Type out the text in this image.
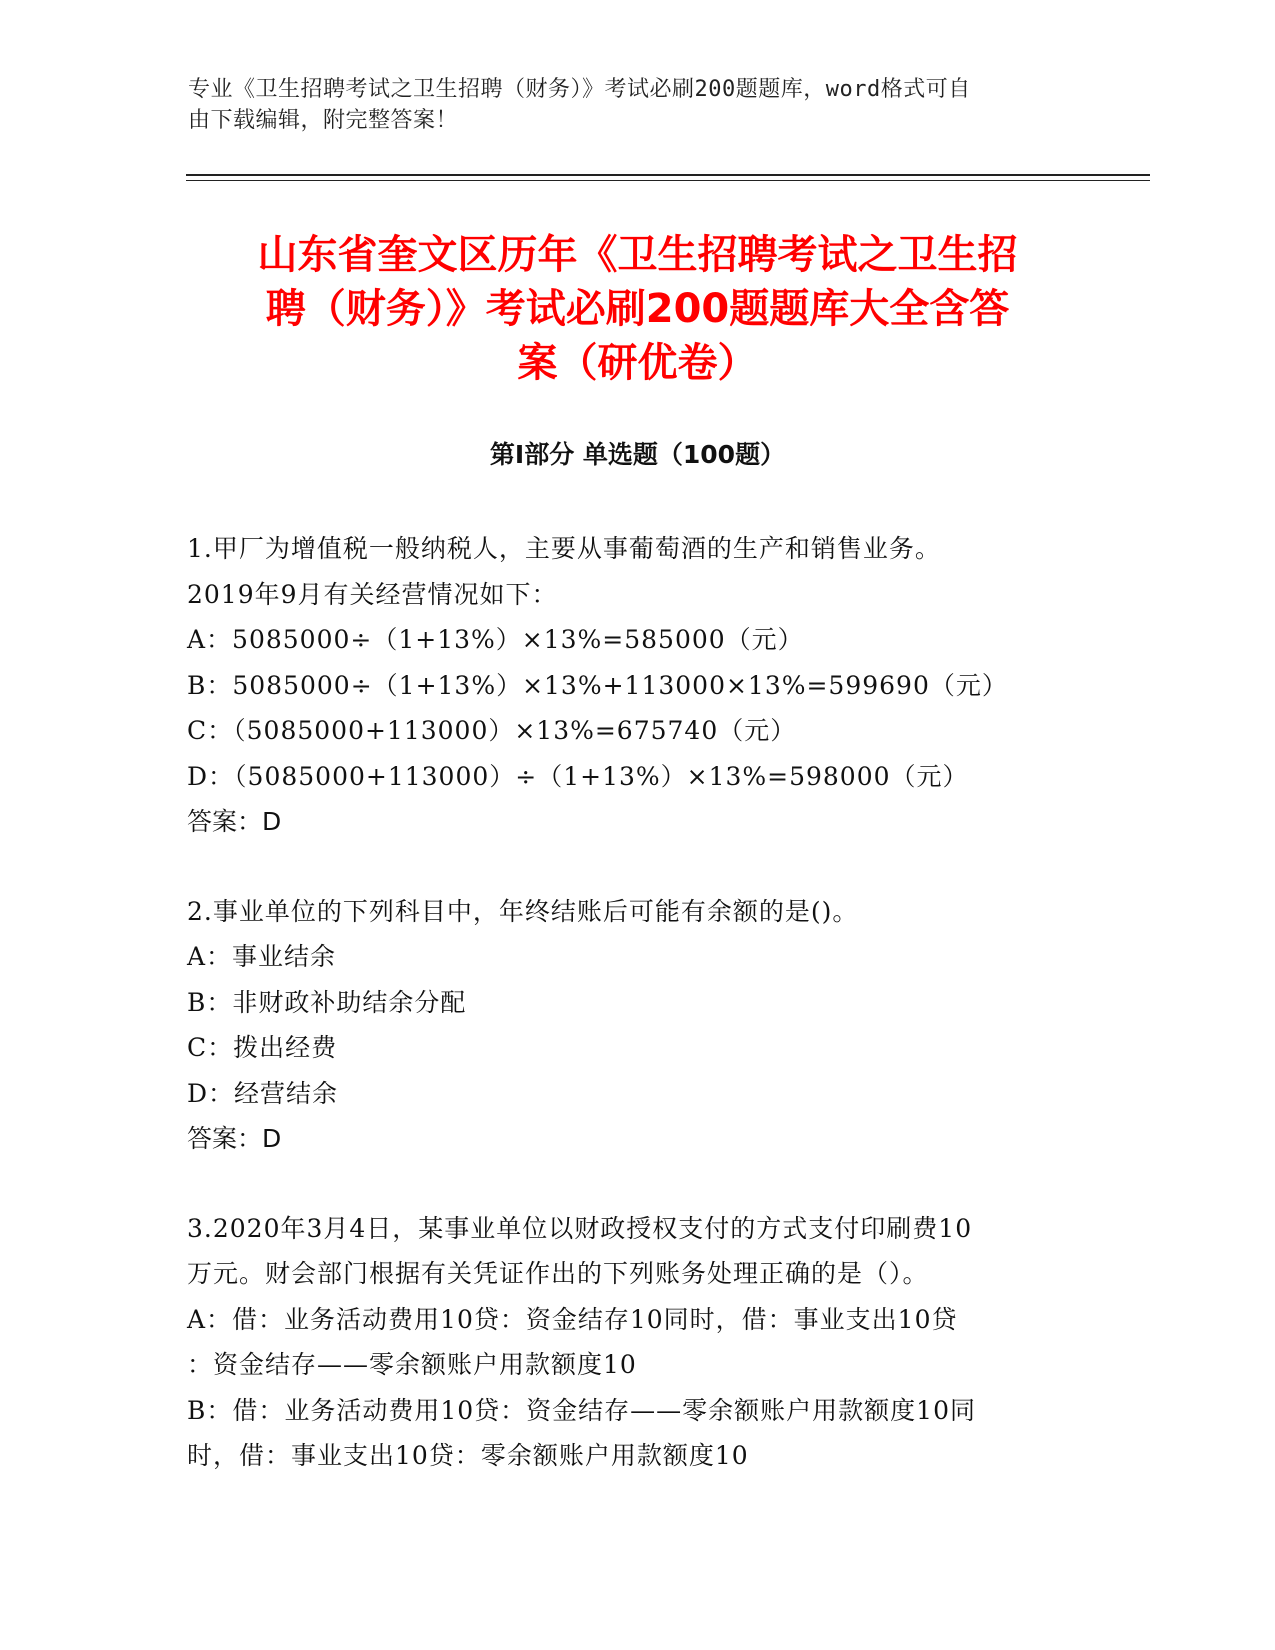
专业《卫生招聘考试之卫生招聘（财务）》考试必刷200题题库，word格式可自
由下载编辑，附完整答案！
山东省奎文区历年《卫生招聘考试之卫生招
聘（财务）》考试必刷200题题库大全含答
案（研优卷）
第Ⅰ部分 单选题（100题）
1.甲厂为增值税一般纳税人，主要从事葡萄酒的生产和销售业务。
2019年9月有关经营情况如下：
A：5085000÷（1+13%）×13%=585000（元）
B：5085000÷（1+13%）×13%+113000×13%=599690（元）
C：（5085000+113000）×13%=675740（元）
D：（5085000+113000）÷（1+13%）×13%=598000（元）
答案：D
2.事业单位的下列科目中，年终结账后可能有余额的是()。
A：事业结余
B：非财政补助结余分配
C：拨出经费
D：经营结余
答案：D
3.2020年3月4日，某事业单位以财政授权支付的方式支付印刷费10
万元。财会部门根据有关凭证作出的下列账务处理正确的是（）。
A：借：业务活动费用10贷：资金结存10同时，借：事业支出10贷
：资金结存——零余额账户用款额度10
B：借：业务活动费用10贷：资金结存——零余额账户用款额度10同
时，借：事业支出10贷：零余额账户用款额度10
